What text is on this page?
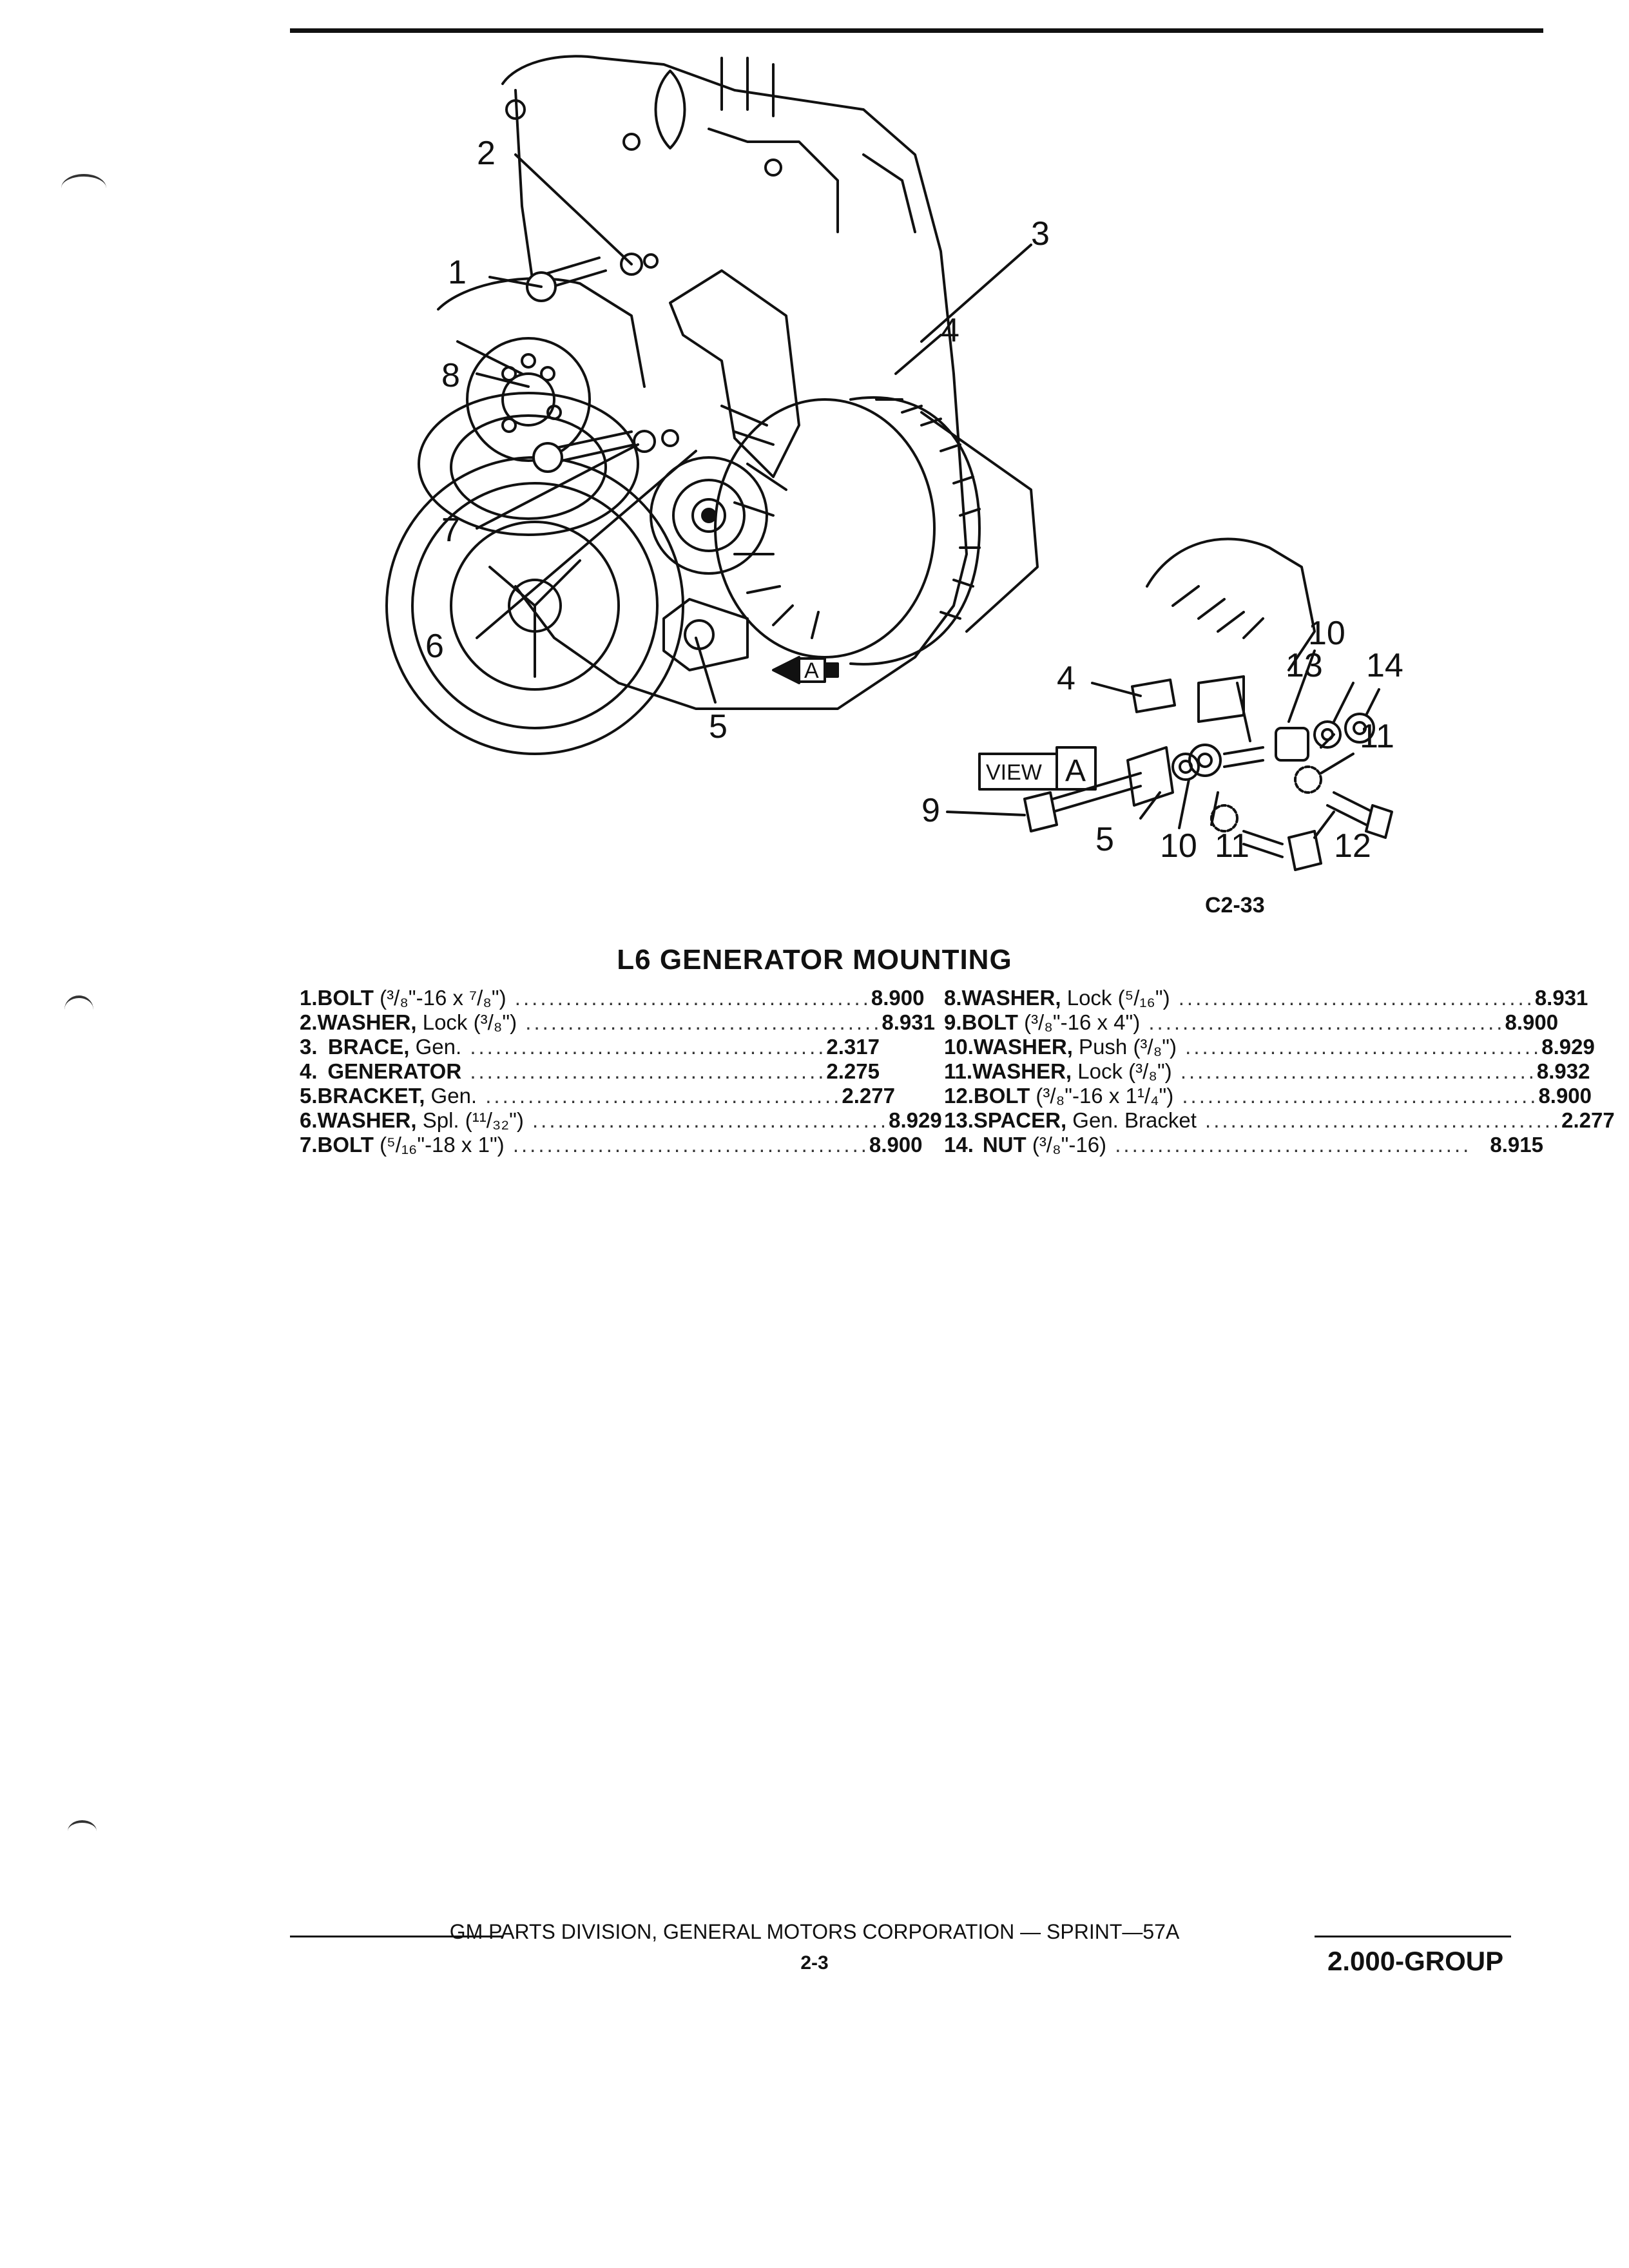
A
VIEW A
2
1
3
4
8
7
6
5
4
5
9
10
10
11
11
12
13 14
C2-33
L6 GENERATOR MOUNTING
1. BOLT (³/₈"-16 x ⁷/₈") .......................................... 8.900
2. WASHER, Lock (³/₈") .......................................... 8.931
3. BRACE, Gen. .......................................... 2.317
4. GENERATOR .......................................... 2.275
5. BRACKET, Gen. .......................................... 2.277
6. WASHER, Spl. (¹¹/₃₂") .......................................... 8.929
7. BOLT (⁵/₁₆"-18 x 1") .......................................... 8.900
8. WASHER, Lock (⁵/₁₆") .......................................... 8.931
9. BOLT (³/₈"-16 x 4") .......................................... 8.900
10. WASHER, Push (³/₈") .......................................... 8.929
11. WASHER, Lock (³/₈") .......................................... 8.932
12. BOLT (³/₈"-16 x 1¹/₄") .......................................... 8.900
13. SPACER, Gen. Bracket .......................................... 2.277
14. NUT (³/₈"-16) .......................................... 8.915
GM PARTS DIVISION, GENERAL MOTORS CORPORATION — SPRINT—57A
2-3	2.000-GROUP
